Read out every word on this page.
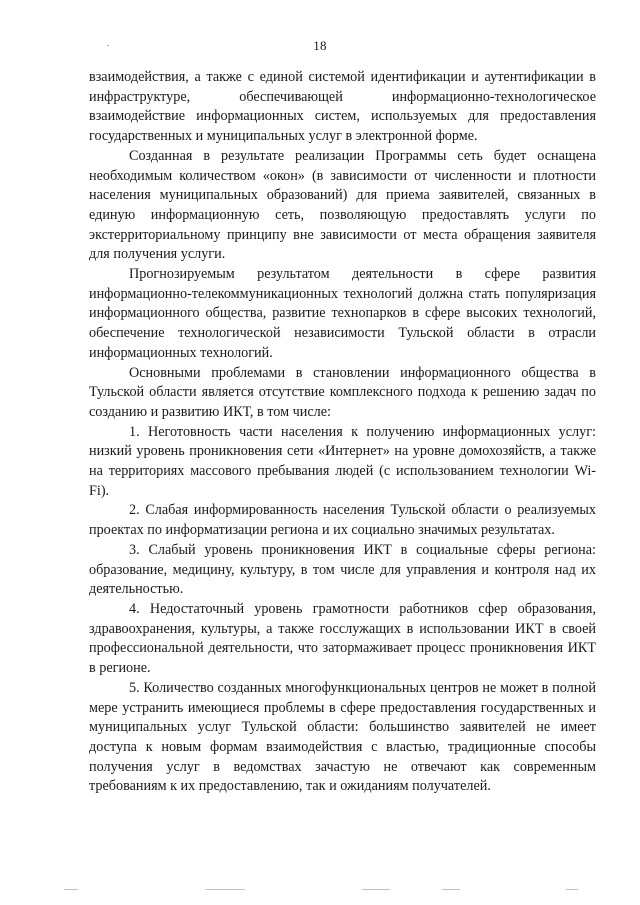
18

взаимодействия, а также с единой системой идентификации и аутентификации в инфраструктуре, обеспечивающей информационно-технологическое взаимодействие информационных систем, используемых для предоставления государственных и муниципальных услуг в электронной форме.

Созданная в результате реализации Программы сеть будет оснащена необходимым количеством «окон» (в зависимости от численности и плотности населения муниципальных образований) для приема заявителей, связанных в единую информационную сеть, позволяющую предоставлять услуги по экстерриториальному принципу вне зависимости от места обращения заявителя для получения услуги.

Прогнозируемым результатом деятельности в сфере развития информационно-телекоммуникационных технологий должна стать популяризация информационного общества, развитие технопарков в сфере высоких технологий, обеспечение технологической независимости Тульской области в отрасли информационных технологий.

Основными проблемами в становлении информационного общества в Тульской области является отсутствие комплексного подхода к решению задач по созданию и развитию ИКТ, в том числе:

1. Неготовность части населения к получению информационных услуг: низкий уровень проникновения сети «Интернет» на уровне домохозяйств, а также на территориях массового пребывания людей (с использованием технологии Wi-Fi).

2. Слабая информированность населения Тульской области о реализуемых проектах по информатизации региона и их социально значимых результатах.

3. Слабый уровень проникновения ИКТ в социальные сферы региона: образование, медицину, культуру, в том числе для управления и контроля над их деятельностью.

4. Недостаточный уровень грамотности работников сфер образования, здравоохранения, культуры, а также госслужащих в использовании ИКТ в своей профессиональной деятельности, что затормаживает процесс проникновения ИКТ в регионе.

5. Количество созданных многофункциональных центров не может в полной мере устранить имеющиеся проблемы в сфере предоставления государственных и муниципальных услуг Тульской области: большинство заявителей не имеет доступа к новым формам взаимодействия с властью, традиционные способы получения услуг в ведомствах зачастую не отвечают как современным требованиям к их предоставлению, так и ожиданиям получателей.
